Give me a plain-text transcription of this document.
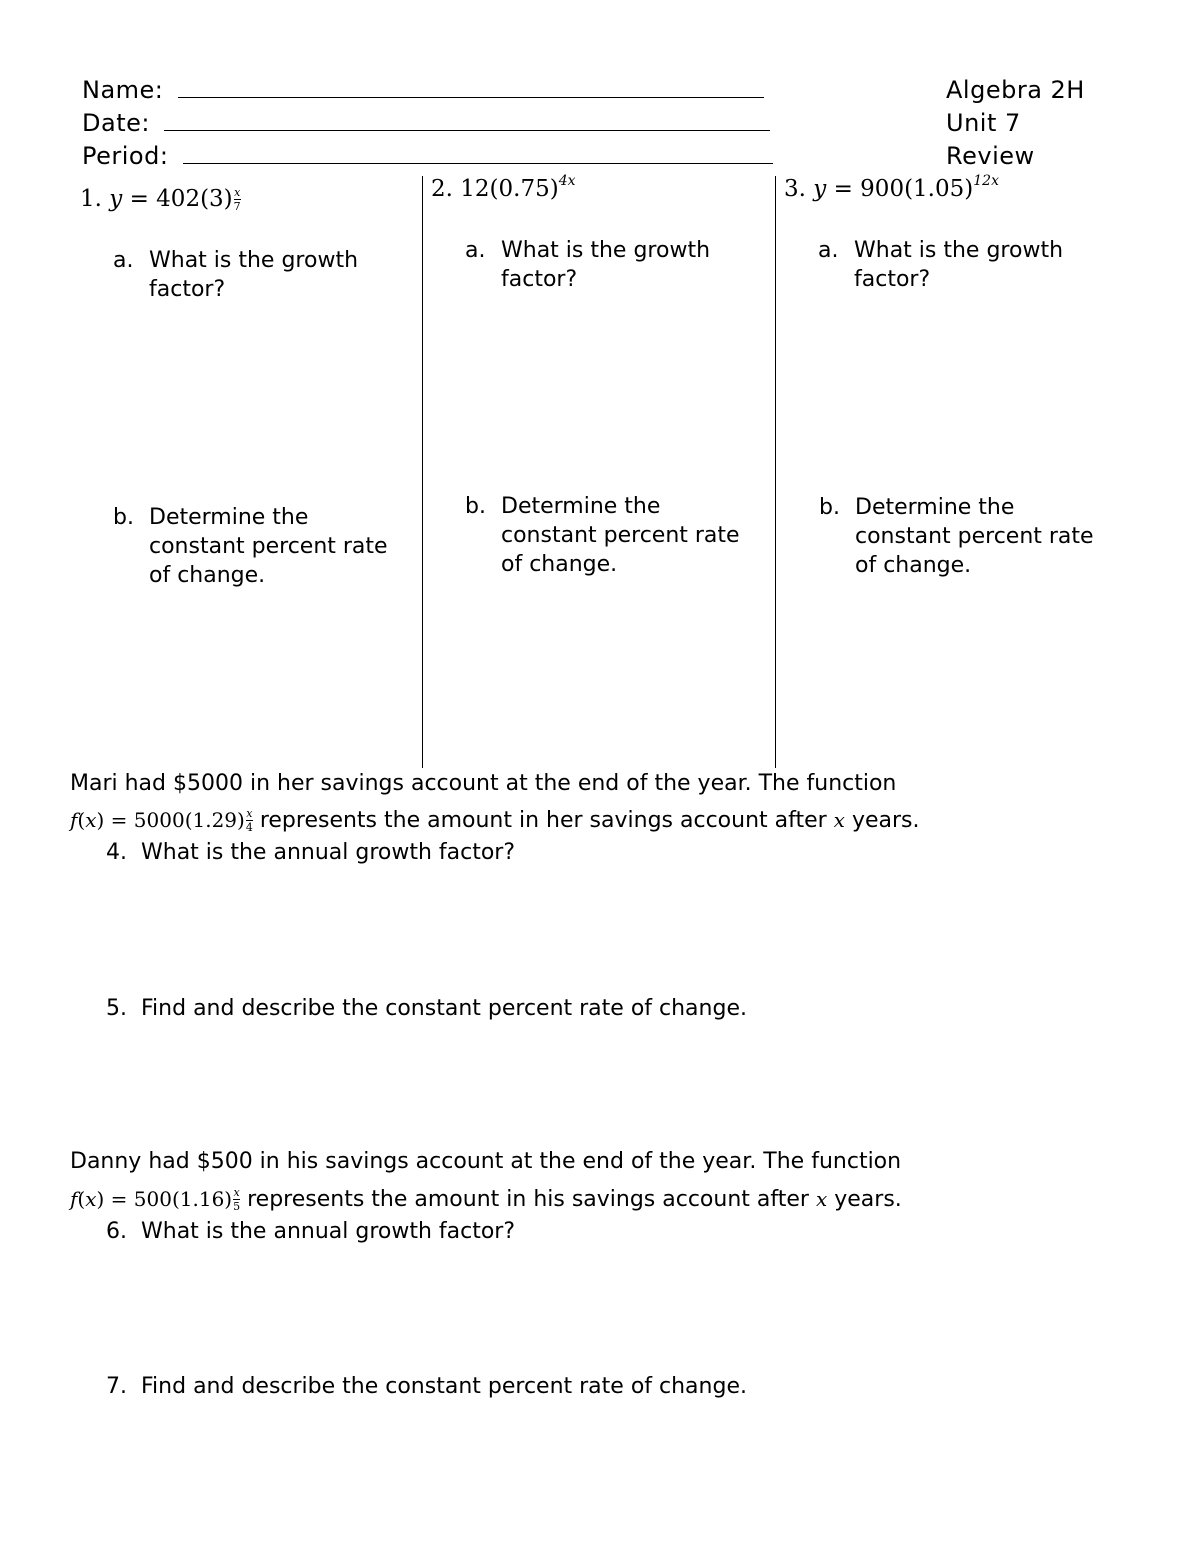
Name:
Date:
Period:
Algebra 2H
Unit 7
Review
1. $y = 402(3) \frac{x}{7}$
a. What is the growth factor?
b. Determine the constant percent rate of change.
2. $12(0.75)^{4x}$
a. What is the growth factor?
b. Determine the constant percent rate of change.
3. $y = 900(1.05)^{12x}$
a. What is the growth factor?
b. Determine the constant percent rate of change.
Mari had $5000 in her savings account at the end of the year. The function
$f(x) = 5000(1.29) \frac{x}{4}$ represents the amount in her savings account after x years.
4. What is the annual growth factor?
5. Find and describe the constant percent rate of change.
Danny had $500 in his savings account at the end of the year. The function
$f(x) = 500(1.16) \frac{x}{5}$ represents the amount in his savings account after x years.
6. What is the annual growth factor?
7. Find and describe the constant percent rate of change.
